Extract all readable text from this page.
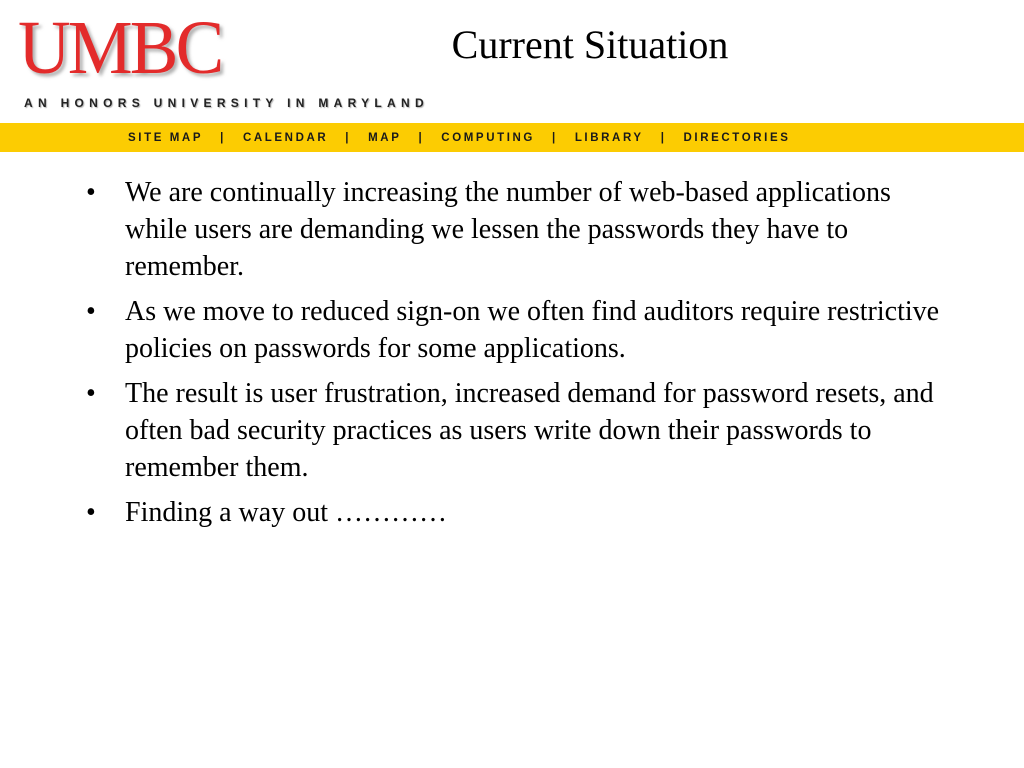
UMBC
AN HONORS UNIVERSITY IN MARYLAND
Current Situation
SITE MAP | CALENDAR | MAP | COMPUTING | LIBRARY | DIRECTORIES
• We are continually increasing the number of web-based applications while users are demanding we lessen the passwords they have to remember.
• As we move to reduced sign-on we often find auditors require restrictive policies on passwords for some applications.
• The result is user frustration, increased demand for password resets, and often bad security practices as users write down their passwords to remember them.
• Finding a way out …………
